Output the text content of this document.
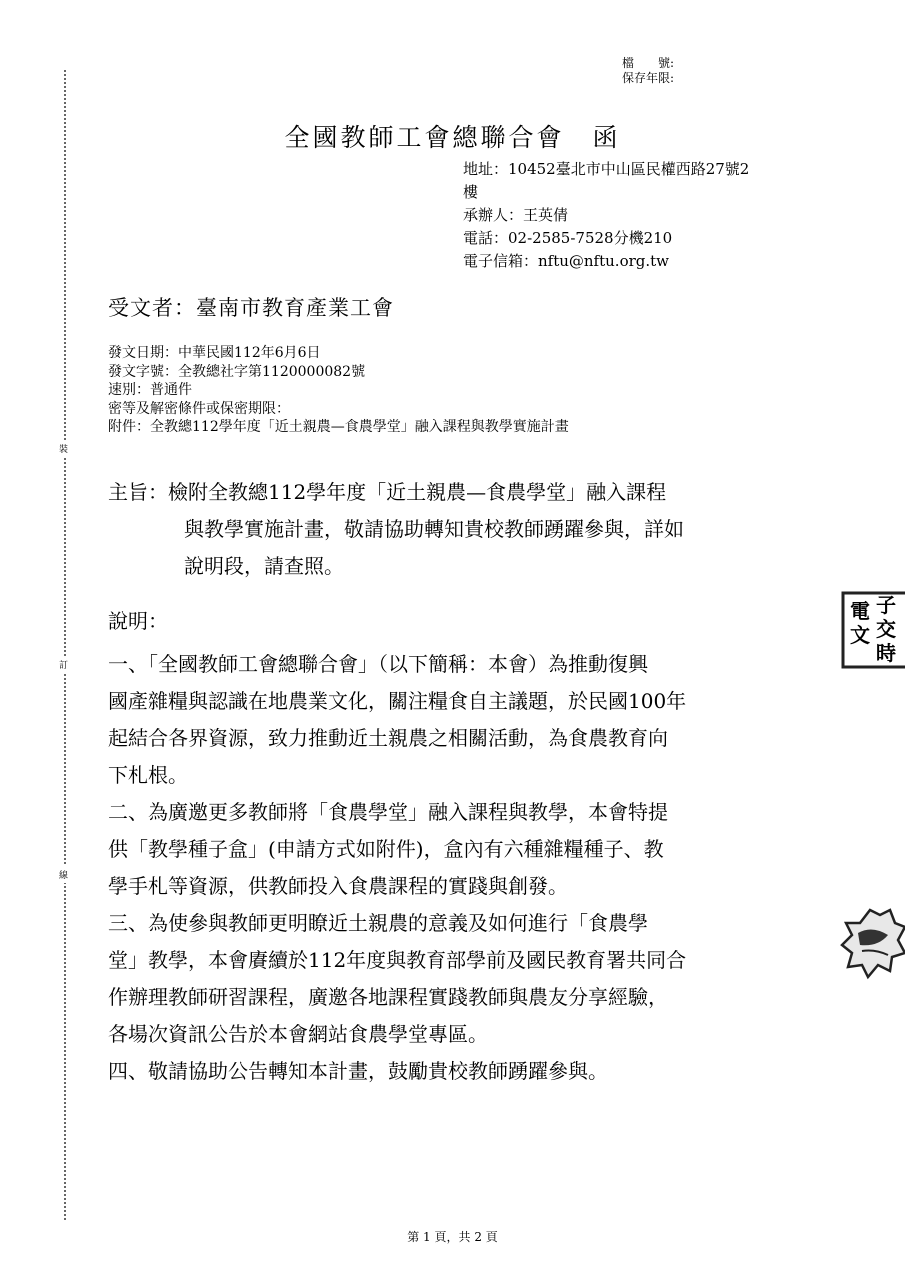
裝
訂
線
檔　　號:
保存年限:
全國教師工會總聯合會　函
地址：10452臺北市中山區民權西路27號2
樓
承辦人：王英倩
電話：02-2585-7528分機210
電子信箱：nftu@nftu.org.tw
受文者：臺南市教育產業工會
發文日期：中華民國112年6月6日
發文字號：全教總社字第1120000082號
速別：普通件
密等及解密條件或保密期限：
附件：全教總112學年度「近土親農—食農學堂」融入課程與教學實施計畫
主旨：檢附全教總112學年度「近土親農—食農學堂」融入課程
與教學實施計畫，敬請協助轉知貴校教師踴躍參與，詳如
說明段，請查照。
說明：
一、「全國教師工會總聯合會」（以下簡稱：本會）為推動復興
國產雜糧與認識在地農業文化，關注糧食自主議題，於民國100年
起結合各界資源，致力推動近土親農之相關活動，為食農教育向
下札根。
二、為廣邀更多教師將「食農學堂」融入課程與教學，本會特提
供「教學種子盒」(申請方式如附件)，盒內有六種雜糧種子、教
學手札等資源，供教師投入食農課程的實踐與創發。
三、為使參與教師更明瞭近土親農的意義及如何進行「食農學
堂」教學，本會賡續於112年度與教育部學前及國民教育署共同合
作辦理教師研習課程，廣邀各地課程實踐教師與農友分享經驗，
各場次資訊公告於本會網站食農學堂專區。
四、敬請協助公告轉知本計畫，鼓勵貴校教師踴躍參與。
電 子
文 交
時
第 1 頁，共 2 頁
